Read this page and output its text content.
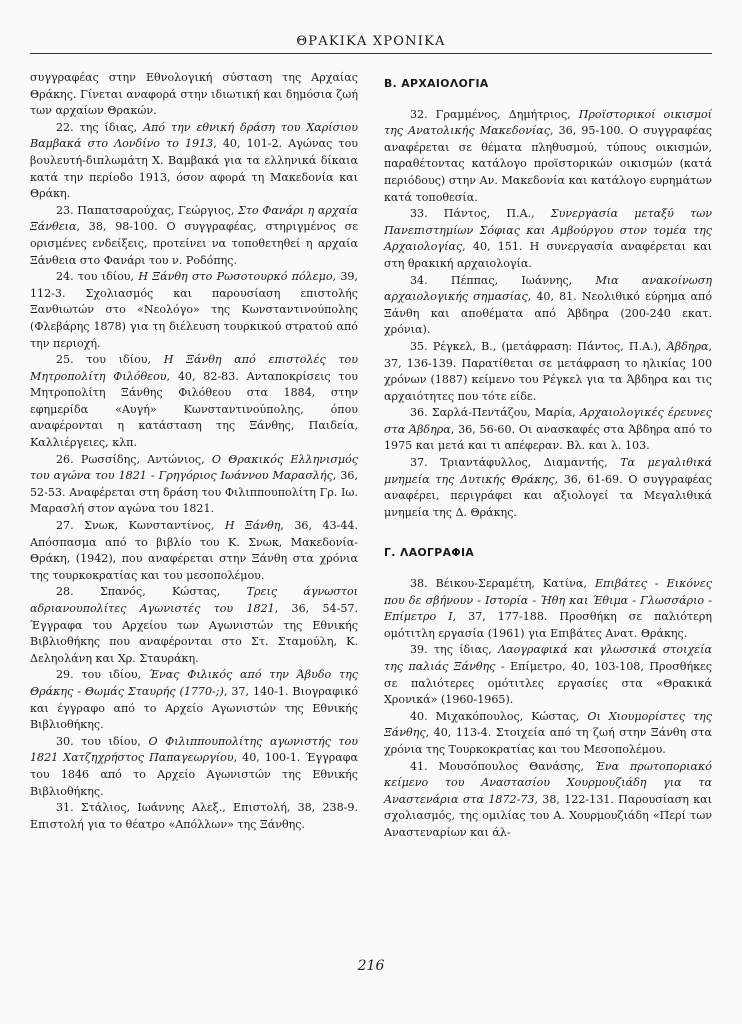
ΘΡΑΚΙΚΑ ΧΡΟΝΙΚΑ

συγγραφέας στην Εθνολογική σύσταση της Αρχαίας Θράκης. Γίνεται αναφορά στην ιδιωτική και δημόσια ζωή των αρχαίων Θρακών.

22. της ίδιας, Από την εθνική δράση του Χαρίσιου Βαμβακά στο Λονδίνο το 1913, 40, 101-2. Αγώνας του βουλευτή-διπλωμάτη Χ. Βαμβακά για τα ελληνικά δίκαια κατά την περίοδο 1913, όσον αφορά τη Μακεδονία και Θράκη.

23. Παπατσαρούχας, Γεώργιος, Στο Φανάρι η αρχαία Ξάνθεια, 38, 98-100. Ο συγγραφέας, στηριγμένος σε ορισμένες ενδείξεις, προτείνει να τοποθετηθεί η αρχαία Ξάνθεια στο Φανάρι του ν. Ροδόπης.

24. του ιδίου, Η Ξάνθη στο Ρωσοτουρκό πόλεμο, 39, 112-3. Σχολιασμός και παρουσίαση επιστολής Ξανθιωτών στο «Νεολόγο» της Κωνσταντινούπολης (Φλεβάρης 1878) για τη διέλευση τουρκικού στρατού από την περιοχή.

25. του ιδίου, Η Ξάνθη από επιστολές του Μητροπολίτη Φιλόθεου, 40, 82-83. Ανταποκρίσεις του Μητροπολίτη Ξάνθης Φιλόθεου στα 1884, στην εφημερίδα «Αυγή» Κωνσταντινούπολης, όπου αναφέρονται η κατάσταση της Ξάνθης, Παιδεία, Καλλιέργειες, κλπ.

26. Ρωσσίδης, Αντώνιος, Ο Θρακικός Ελληνισμός του αγώνα του 1821 - Γρηγόριος Ιωάννου Μαρασλής, 36, 52-53. Αναφέρεται στη δράση του Φιλιππουπολίτη Γρ. Ιω. Μαρασλή στον αγώνα του 1821.

27. Σνωκ, Κωνσταντίνος, Η Ξάνθη, 36, 43-44. Απόσπασμα από το βιβλίο του Κ. Σνωκ, Μακεδονία-Θράκη, (1942), που αναφέρεται στην Ξάνθη στα χρόνια της τουρκοκρατίας και του μεσοπολέμου.

28. Σπανός, Κώστας, Τρεις άγνωστοι αδριανουπολίτες Αγωνιστές του 1821, 36, 54-57. Έγγραφα του Αρχείου των Αγωνιστών της Εθνικής Βιβλιοθήκης που αναφέρονται στο Στ. Σταμούλη, Κ. Δεληολάνη και Χρ. Σταυράκη.

29. του ιδίου, Ένας Φιλικός από την Άβυδο της Θράκης - Θωμάς Σταυρής (1770-;), 37, 140-1. Βιογραφικό και έγγραφο από το Αρχείο Αγωνιστών της Εθνικής Βιβλιοθήκης.

30. του ιδίου, Ο Φιλιππουπολίτης αγωνιστής του 1821 Χατζηχρήστος Παπαγεωργίου, 40, 100-1. Έγγραφα του 1846 από το Αρχείο Αγωνιστών της Εθνικής Βιβλιοθήκης.

31. Στάλιος, Ιωάννης Αλεξ., Επιστολή, 38, 238-9. Επιστολή για το θέατρο «Απόλλων» της Ξάνθης.

Β. ΑΡΧΑΙΟΛΟΓΙΑ

32. Γραμμένος, Δημήτριος, Προϊστορικοί οικισμοί της Ανατολικής Μακεδονίας, 36, 95-100. Ο συγγραφέας αναφέρεται σε θέματα πληθυσμού, τύπους οικισμών, παραθέτοντας κατάλογο προϊστορικών οικισμών (κατά περιόδους) στην Αν. Μακεδονία και κατάλογο ευρημάτων κατά τοποθεσία.

33. Πάντος, Π.Α., Συνεργασία μεταξύ των Πανεπιστημίων Σόφιας και Αμβούργου στον τομέα της Αρχαιολογίας, 40, 151. Η συνεργασία αναφέρεται και στη θρακική αρχαιολογία.

34. Πέππας, Ιωάννης, Μια ανακοίνωση αρχαιολογικής σημασίας, 40, 81. Νεολιθικό εύρημα από Ξάνθη και αποθέματα από Άβδηρα (200-240 εκατ. χρόνια).

35. Ρέγκελ, Β., (μετάφραση: Πάντος, Π.Α.), Άβδηρα, 37, 136-139. Παρατίθεται σε μετάφραση το ηλικίας 100 χρόνων (1887) κείμενο του Ρέγκελ για τα Άβδηρα και τις αρχαιότητες που τότε είδε.

36. Σαρλά-Πεντάζου, Μαρία, Αρχαιολογικές έρευνες στα Άβδηρα, 36, 56-60. Οι ανασκαφές στα Άβδηρα από το 1975 και μετά και τι απέφεραν. Βλ. και λ. 103.

37. Τριαντάφυλλος, Διαμαντής, Τα μεγαλιθικά μνημεία της Δυτικής Θράκης, 36, 61-69. Ο συγγραφέας αναφέρει, περιγράφει και αξιολογεί τα Μεγαλιθικά μνημεία της Δ. Θράκης.

Γ. ΛΑΟΓΡΑΦΙΑ

38. Βέικου-Σεραμέτη, Κατίνα, Επιβάτες - Εικόνες που δε σβήνουν - Ιστορία - Ήθη και Έθιμα - Γλωσσάριο - Επίμετρο Ι, 37, 177-188. Προσθήκη σε παλιότερη ομότιτλη εργασία (1961) για Επιβάτες Ανατ. Θράκης.

39. της ίδιας, Λαογραφικά και γλωσσικά στοιχεία της παλιάς Ξάνθης - Επίμετρο, 40, 103-108, Προσθήκες σε παλιότερες ομότιτλες εργασίες στα «Θρακικά Χρονικά» (1960-1965).

40. Μιχακόπουλος, Κώστας, Οι Χιουμορίστες της Ξάνθης, 40, 113-4. Στοιχεία από τη ζωή στην Ξάνθη στα χρόνια της Τουρκοκρατίας και του Μεσοπολέμου.

41. Μουσόπουλος Θανάσης, Ένα πρωτοποριακό κείμενο του Αναστασίου Χουρμουζιάδη για τα Αναστενάρια στα 1872-73, 38, 122-131. Παρουσίαση και σχολιασμός, της ομιλίας του Α. Χουρμουζιάδη «Περί των Αναστεναρίων και άλ-

216
